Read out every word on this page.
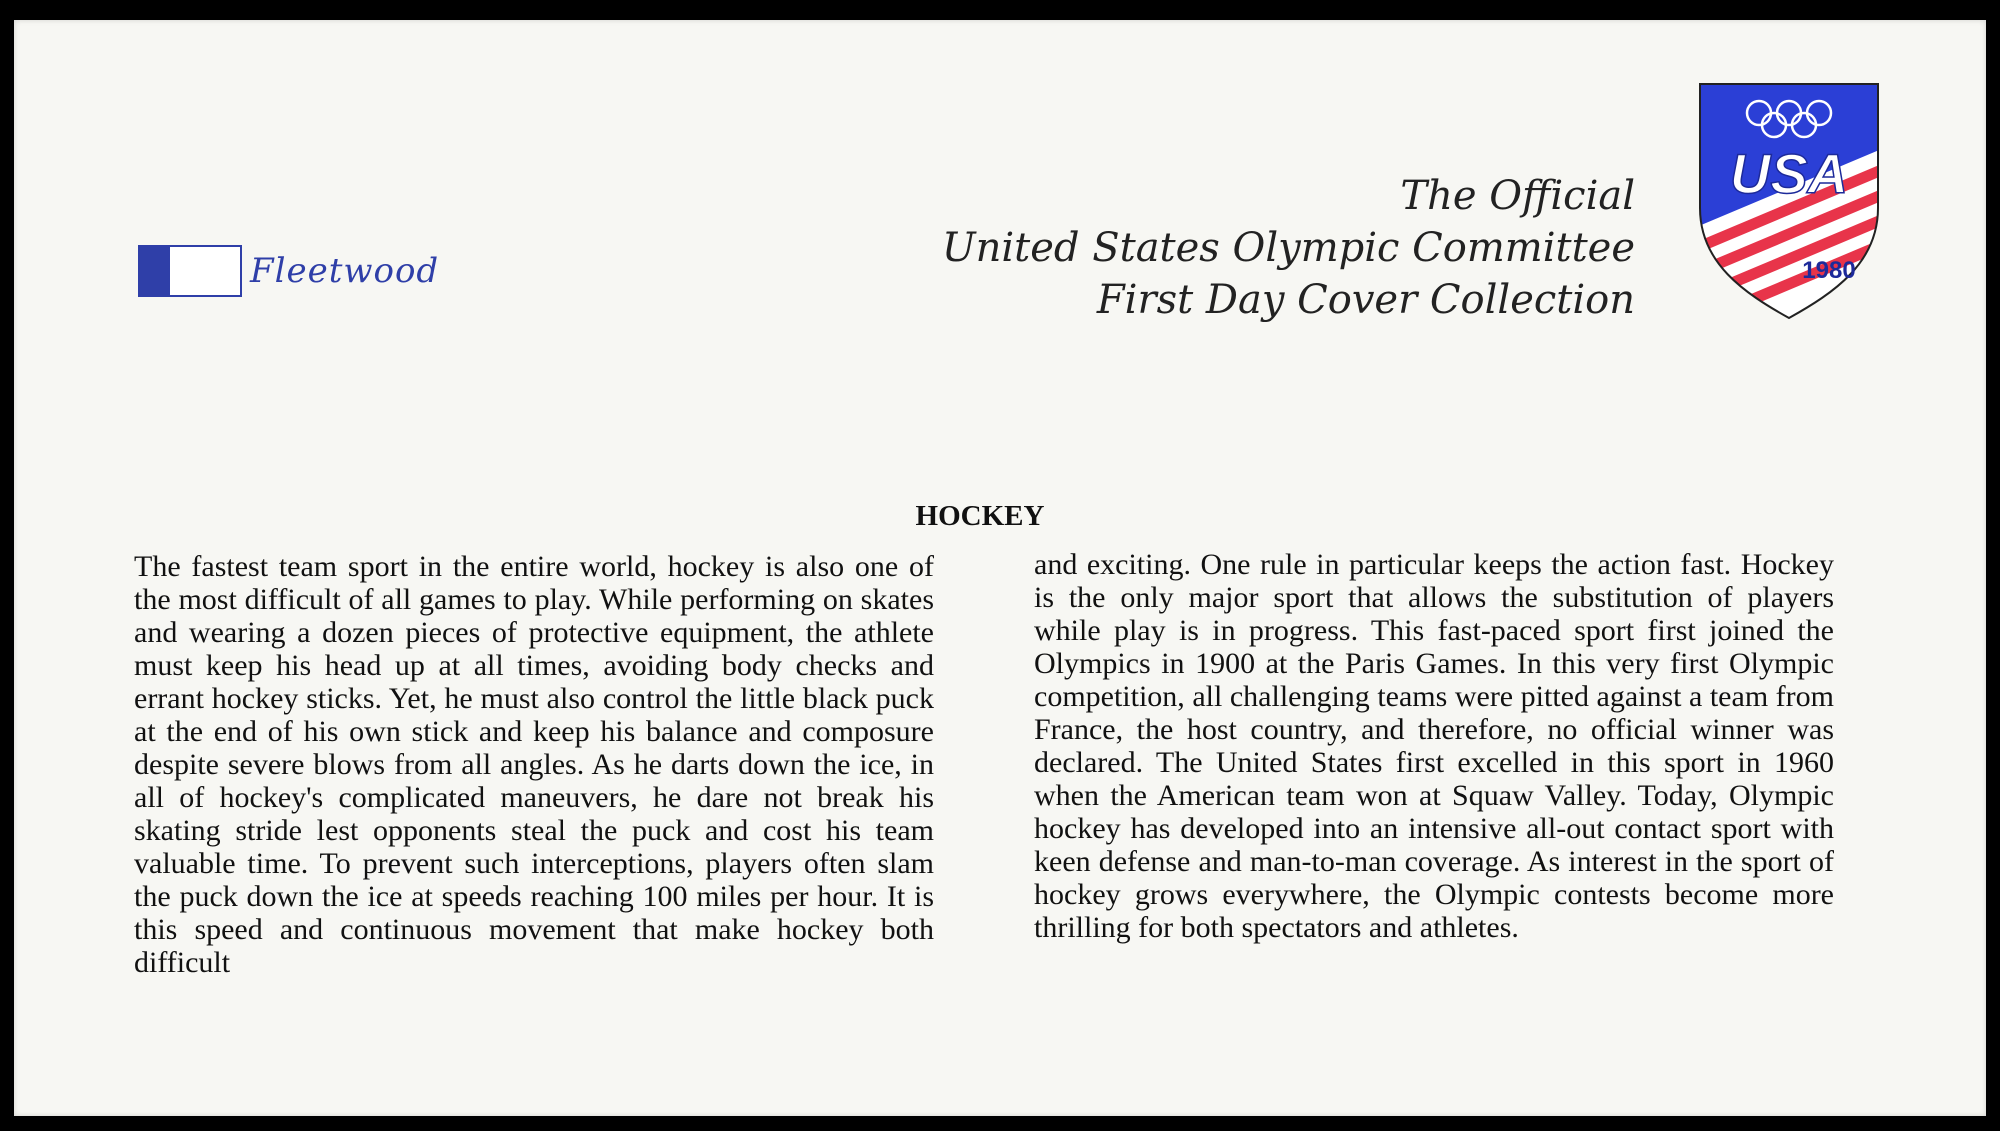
Fleetwood
The Official
United States Olympic Committee
First Day Cover Collection
USA
1980
HOCKEY
The fastest team sport in the entire world, hockey is also one of the most difficult of all games to play. While performing on skates and wearing a dozen pieces of protective equipment, the athlete must keep his head up at all times, avoiding body checks and errant hockey sticks. Yet, he must also control the little black puck at the end of his own stick and keep his balance and composure despite severe blows from all angles. As he darts down the ice, in all of hockey's complicated maneuvers, he dare not break his skating stride lest opponents steal the puck and cost his team valuable time. To prevent such interceptions, players often slam the puck down the ice at speeds reaching 100 miles per hour. It is this speed and continuous movement that make hockey both difficult
and exciting. One rule in particular keeps the action fast. Hockey is the only major sport that allows the substitution of players while play is in progress. This fast-paced sport first joined the Olympics in 1900 at the Paris Games. In this very first Olympic competition, all challenging teams were pitted against a team from France, the host country, and therefore, no official winner was declared. The United States first excelled in this sport in 1960 when the American team won at Squaw Valley. Today, Olympic hockey has developed into an intensive all-out contact sport with keen defense and man-to-man coverage. As interest in the sport of hockey grows everywhere, the Olympic contests become more thrilling for both spectators and athletes.
